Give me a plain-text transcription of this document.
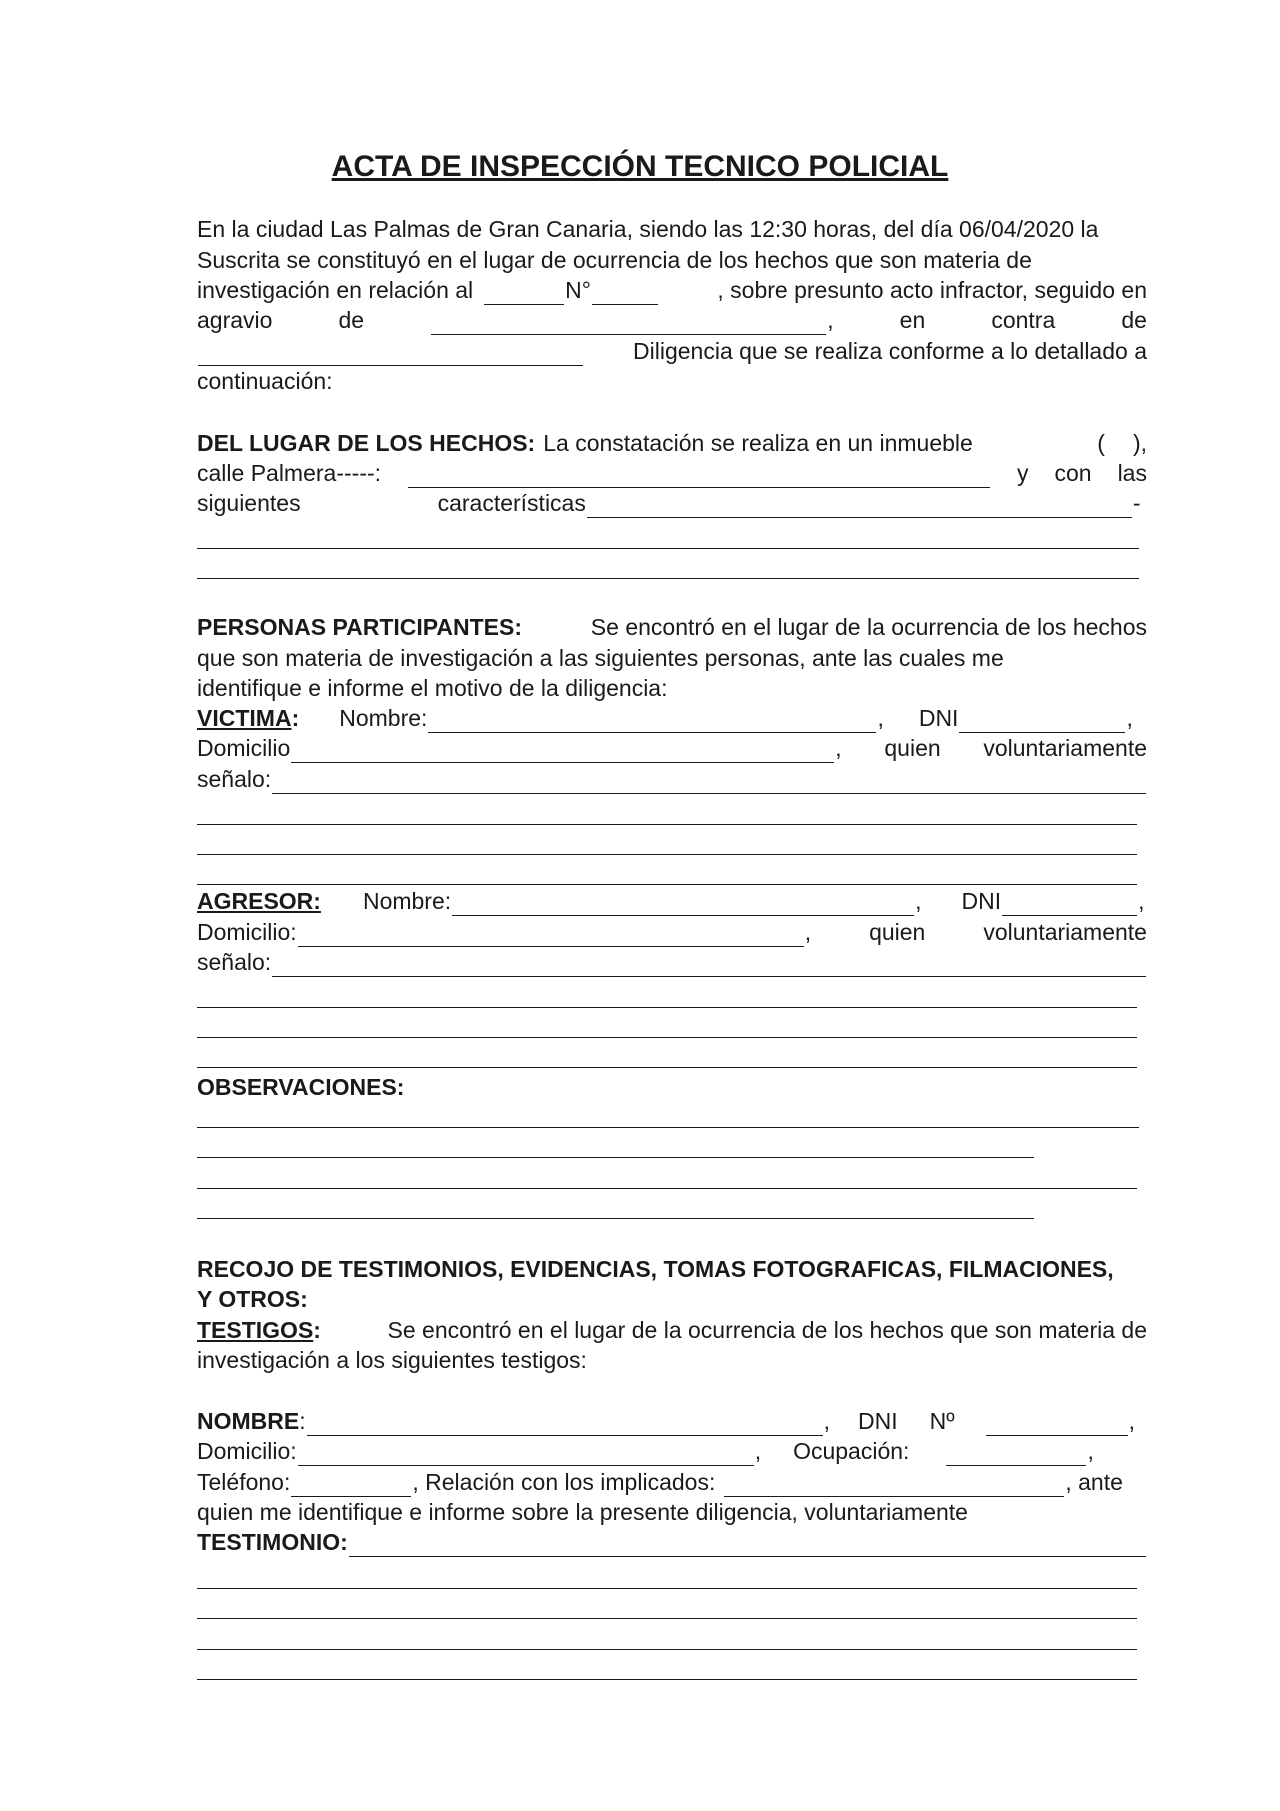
ACTA DE INSPECCIÓN TECNICO POLICIAL
En la ciudad Las Palmas de Gran Canaria, siendo las 12:30 horas, del día 06/04/2020 la
Suscrita se constituyó en el lugar de ocurrencia de los hechos que son materia de
investigación en relación al	N°	, sobre presunto acto infractor, seguido en
agravio	de	,	en	contra	de
Diligencia que se realiza conforme a lo detallado a
continuación:
DEL LUGAR DE LOS HECHOS: La constatación se realiza en un inmueble	( ),
calle Palmera-----:	y con las
siguientes	características	-
PERSONAS PARTICIPANTES:	Se encontró en el lugar de la ocurrencia de los hechos
que son materia de investigación a las siguientes personas, ante las cuales me
identifique e informe el motivo de la diligencia:
VICTIMA : Nombre:	, DNI	,
Domicilio	, quien voluntariamente
señalo:
AGRESOR: Nombre:	, DNI	,
Domicilio:	,	quien	voluntariamente
señalo:
OBSERVACIONES:
RECOJO DE TESTIMONIOS, EVIDENCIAS, TOMAS FOTOGRAFICAS, FILMACIONES,
Y OTROS:
TESTIGOS :	Se encontró en el lugar de la ocurrencia de los hechos que son materia de
investigación a los siguientes testigos:
NOMBRE :	, DNI Nº	,
Domicilio:	, Ocupación:	,
Teléfono:	, Relación con los implicados:	, ante
quien me identifique e informe sobre la presente diligencia, voluntariamente
TESTIMONIO:
